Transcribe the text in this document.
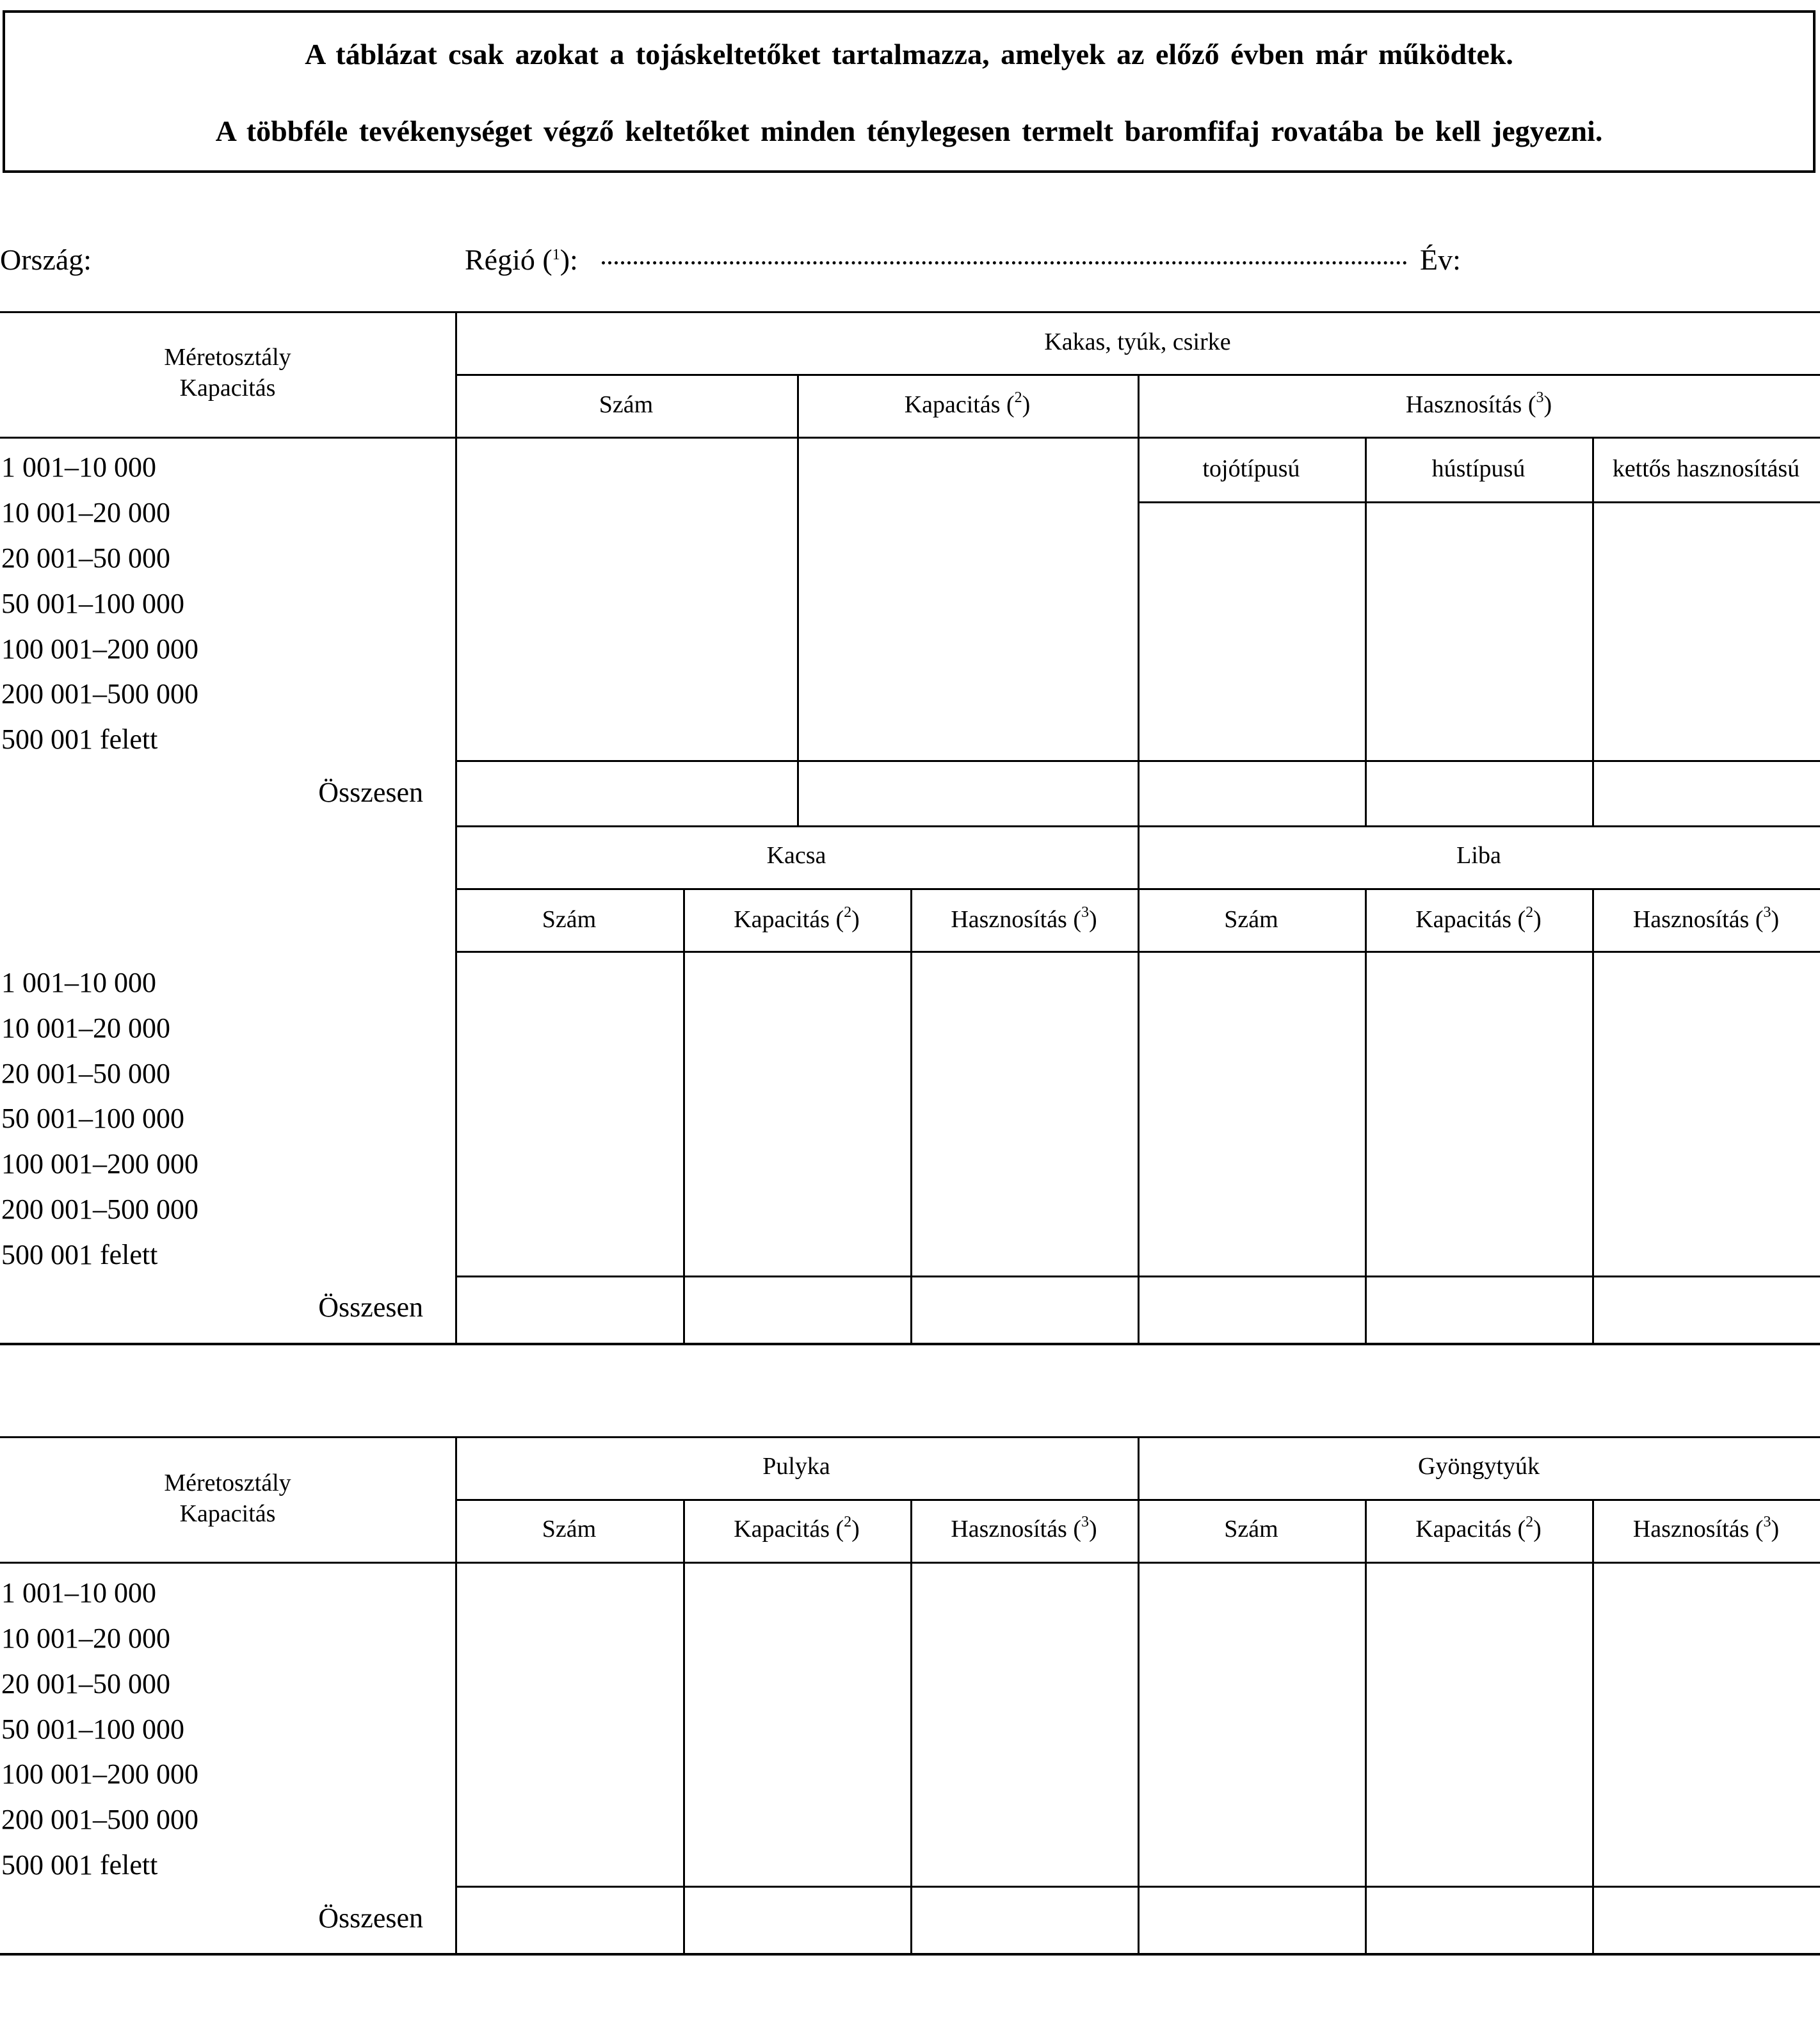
A táblázat csak azokat a tojáskeltetőket tartalmazza, amelyek az előző évben már működtek.
A többféle tevékenységet végző keltetőket minden ténylegesen termelt baromfifaj rovatába be kell jegyezni.
Ország:	Régió ($^1$):	Év:
Méretosztály
Kapacitás
Kakas, tyúk, csirke
Szám	Kapacitás ($^2$)	Hasznosítás ($^3$)
tojótípusú	hústípusú	kettős hasznosítású
1 001–10 000
10 001–20 000
20 001–50 000
50 001–100 000
100 001–200 000
200 001–500 000
500 001 felett
Összesen
Kacsa	Liba
Szám	Kapacitás ($^2$)	Hasznosítás ($^3$)	Szám	Kapacitás ($^2$)	Hasznosítás ($^3$)
1 001–10 000
10 001–20 000
20 001–50 000
50 001–100 000
100 001–200 000
200 001–500 000
500 001 felett
Összesen
Méretosztály
Kapacitás
Pulyka	Gyöngytyúk
Szám	Kapacitás ($^2$)	Hasznosítás ($^3$)	Szám	Kapacitás ($^2$)	Hasznosítás ($^3$)
1 001–10 000
10 001–20 000
20 001–50 000
50 001–100 000
100 001–200 000
200 001–500 000
500 001 felett
Összesen
